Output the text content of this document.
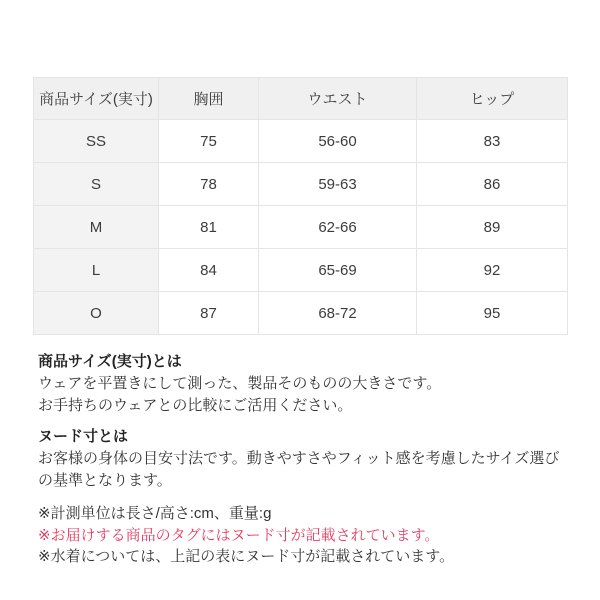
商品サイズ(実寸)	胸囲	ウエスト	ヒップ
SS	75	56-60	83
S	78	59-63	86
M	81	62-66	89
L	84	65-69	92
O	87	68-72	95
商品サイズ(実寸)とは
ウェアを平置きにして測った、製品そのものの大きさです。
お手持ちのウェアとの比較にご活用ください。
ヌード寸とは
お客様の身体の目安寸法です。動きやすさやフィット感を考慮したサイズ選びの基準となります。
※計測単位は長さ/高さ:cm、重量:g
※お届けする商品のタグにはヌード寸が記載されています。
※水着については、上記の表にヌード寸が記載されています。
